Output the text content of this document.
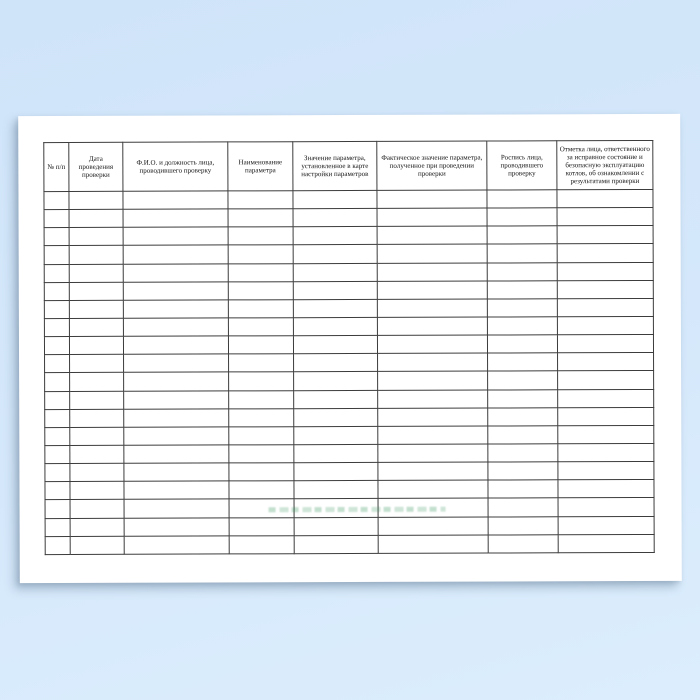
№ п/п	Дата проведения проверки	Ф.И.О. и должность лица, проводившего проверку	Наименование параметра	Значение параметра, установленное в карте настройки параметров	Фактическое значение параметра, полученное при проведении проверки	Роспись лица, проводившего проверку	Отметка лица, ответственного за исправное состояние и безопасную эксплуатацию котлов, об ознакомлении с результатами проверки
